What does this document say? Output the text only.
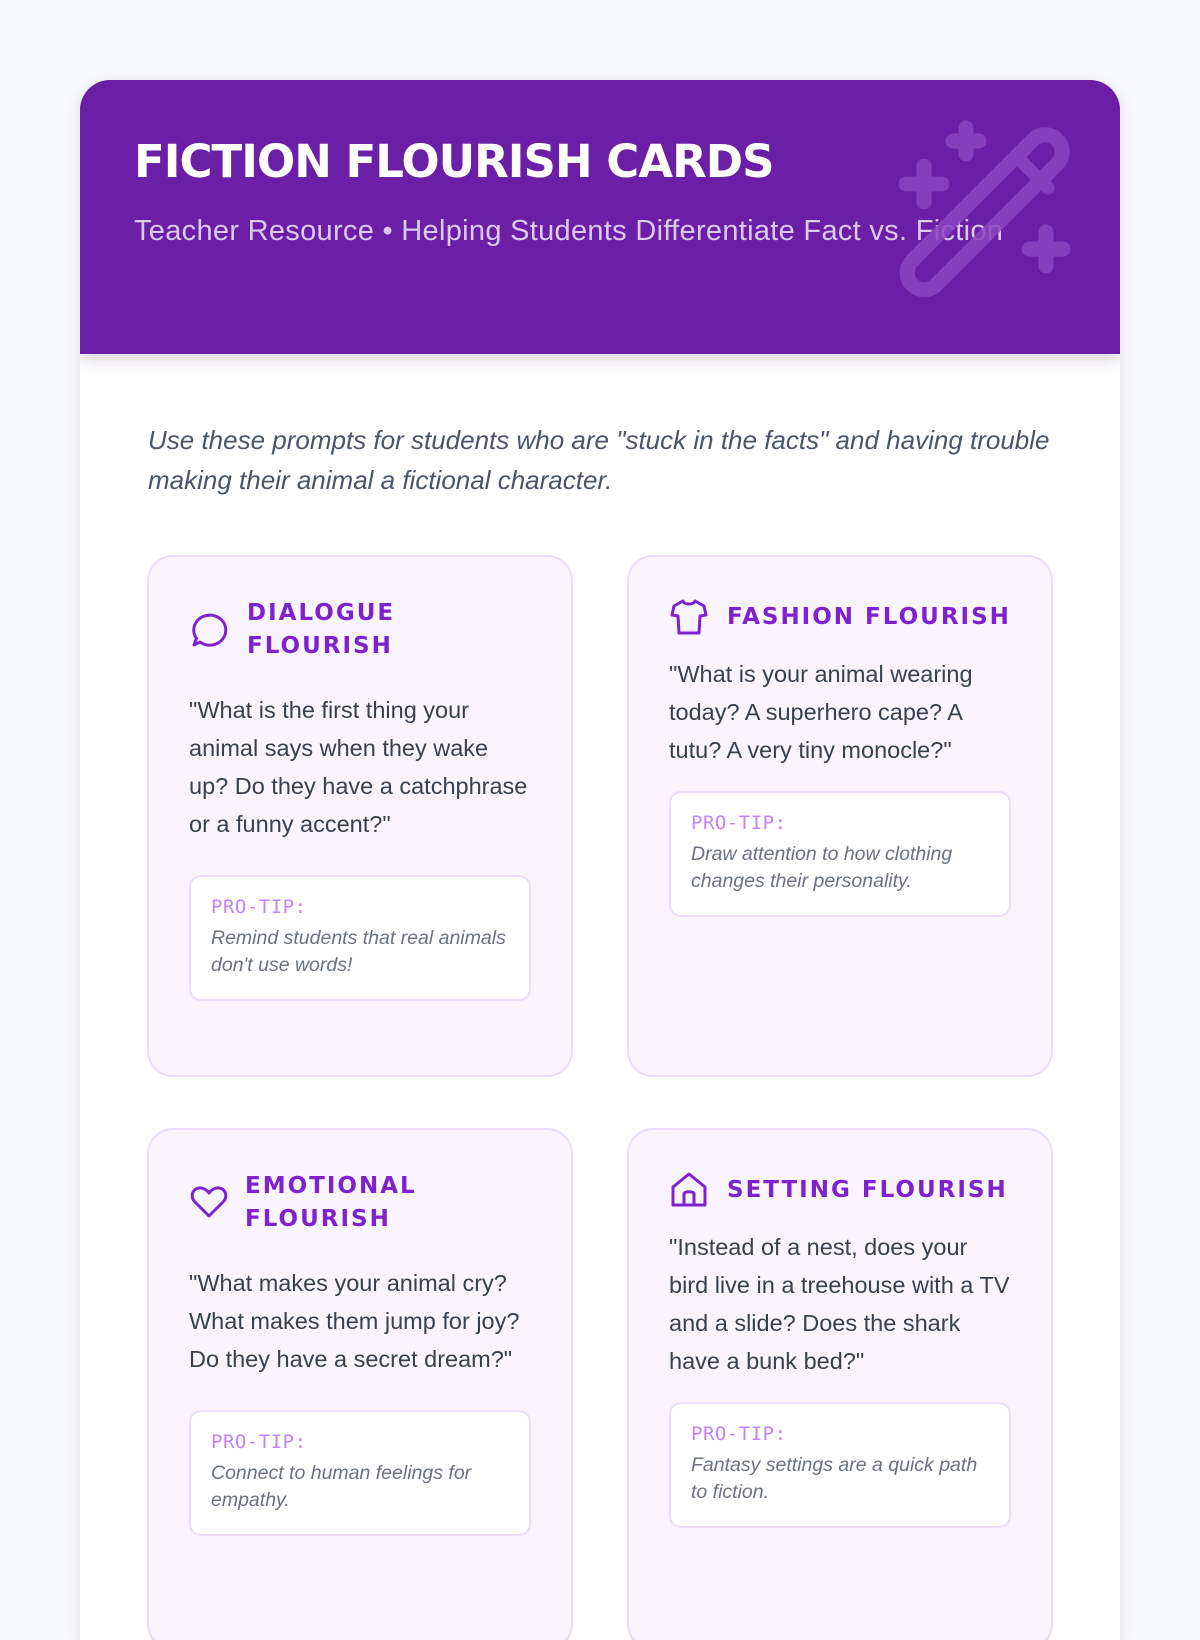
FICTION FLOURISH CARDS
Teacher Resource • Helping Students Differentiate Fact vs. Fiction
Use these prompts for students who are "stuck in the facts" and having trouble making their animal a fictional character.
DIALOGUE FLOURISH
"What is the first thing your animal says when they wake up? Do they have a catchphrase or a funny accent?"
PRO-TIP:
Remind students that real animals don't use words!
FASHION FLOURISH
"What is your animal wearing today? A superhero cape? A tutu? A very tiny monocle?"
PRO-TIP:
Draw attention to how clothing changes their personality.
EMOTIONAL FLOURISH
"What makes your animal cry? What makes them jump for joy? Do they have a secret dream?"
PRO-TIP:
Connect to human feelings for empathy.
SETTING FLOURISH
"Instead of a nest, does your bird live in a treehouse with a TV and a slide? Does the shark have a bunk bed?"
PRO-TIP:
Fantasy settings are a quick path to fiction.
